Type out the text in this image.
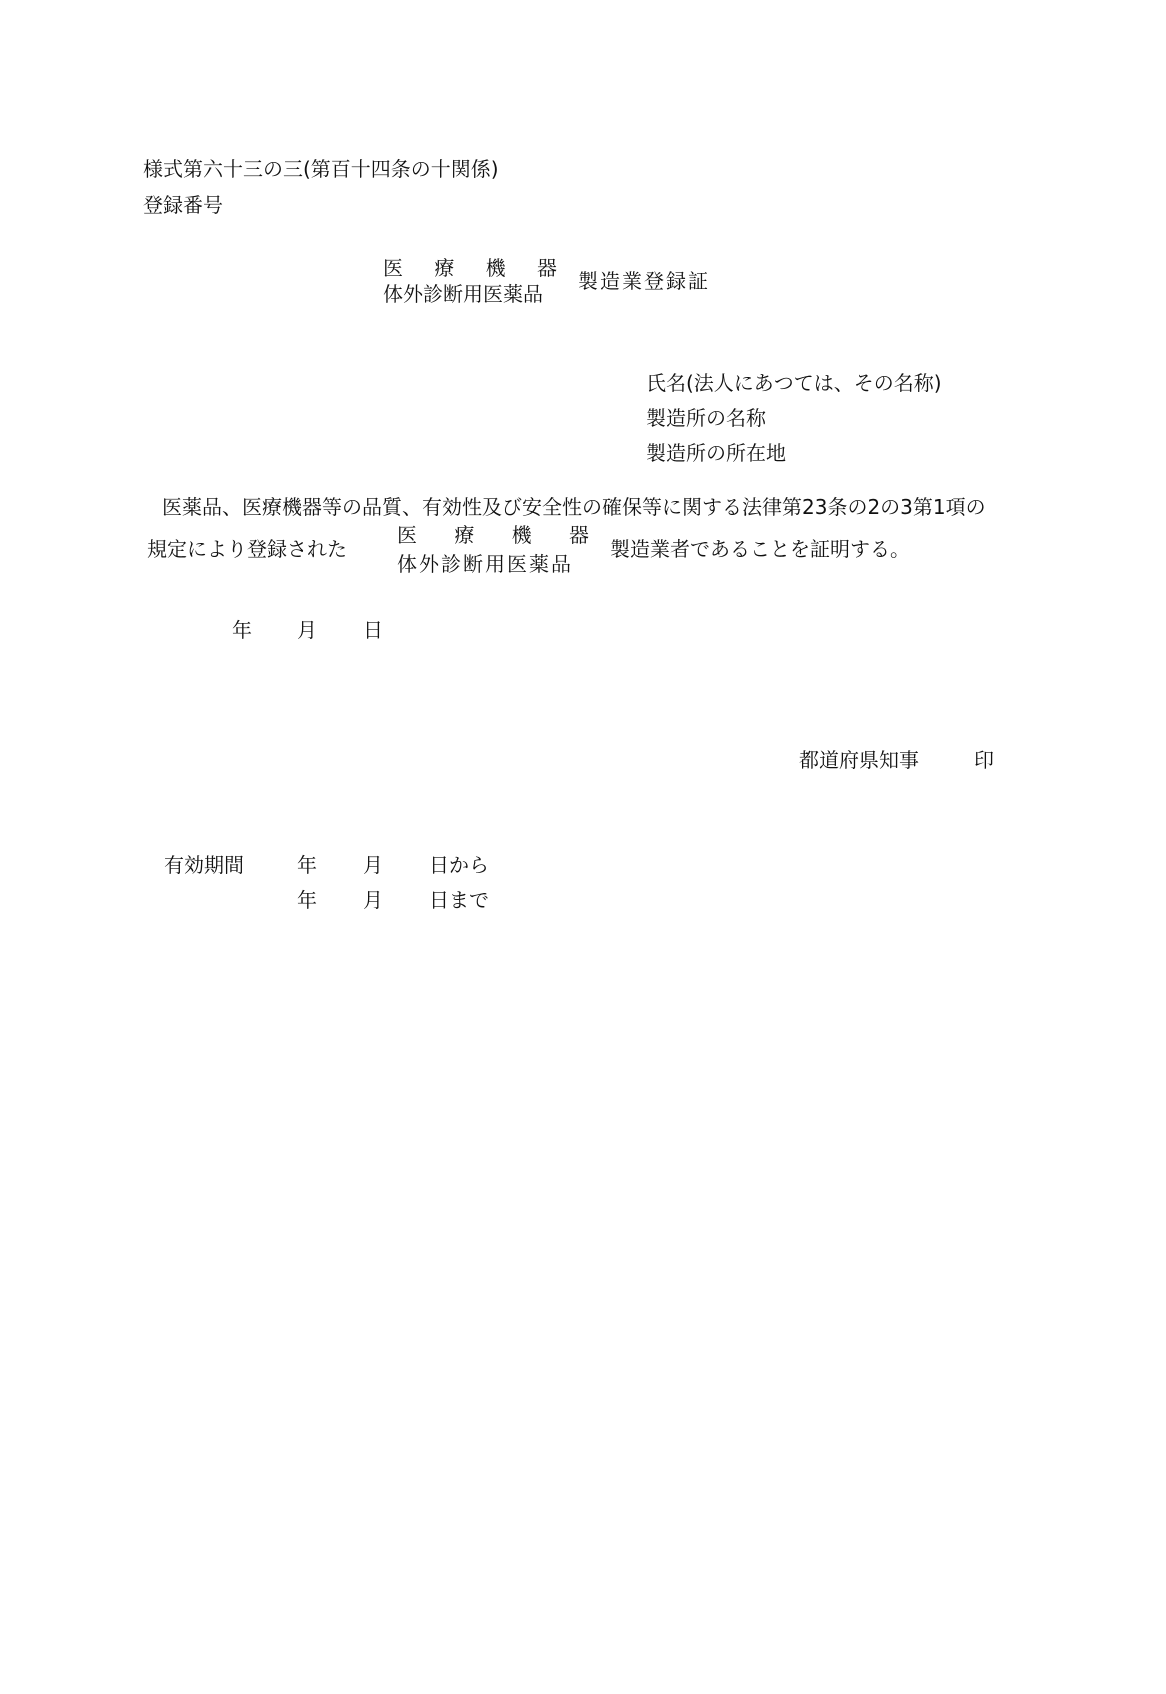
様式第六十三の三(第百十四条の十関係)
登録番号
医 療 機 器
体外診断用医薬品
製造業登録証
氏名(法人にあつては、その名称)
製造所の名称
製造所の所在地
医薬品、医療機器等の品質、有効性及び安全性の確保等に関する法律第23条の2の3第1項の
規定により登録された
医 療 機 器
体外診断用医薬品
製造業者であることを証明する。
年 月 日
都道府県知事	印
有効期間	年 月 日から
年 月 日まで
